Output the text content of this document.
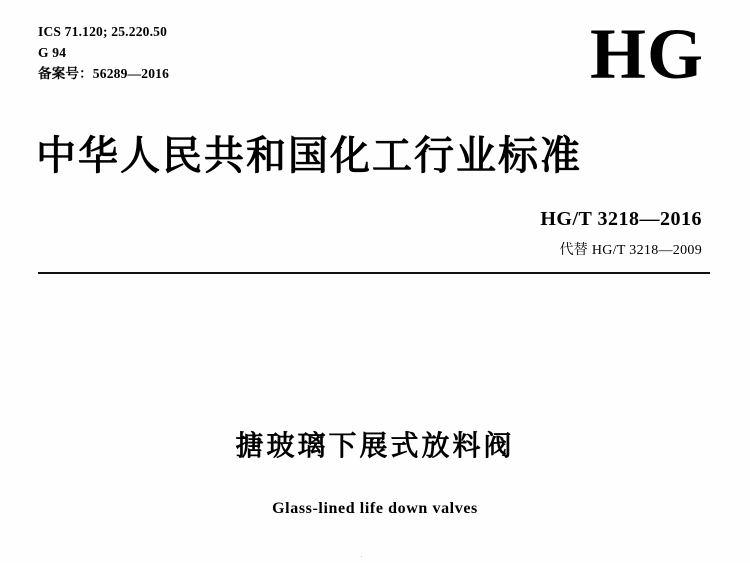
ICS 71.120; 25.220.50
G 94
备案号：56289—2016	HG
中华人民共和国化工行业标准
HG/T 3218—2016
代替 HG/T 3218—2009
搪玻璃下展式放料阀
Glass-lined life down valves
.
